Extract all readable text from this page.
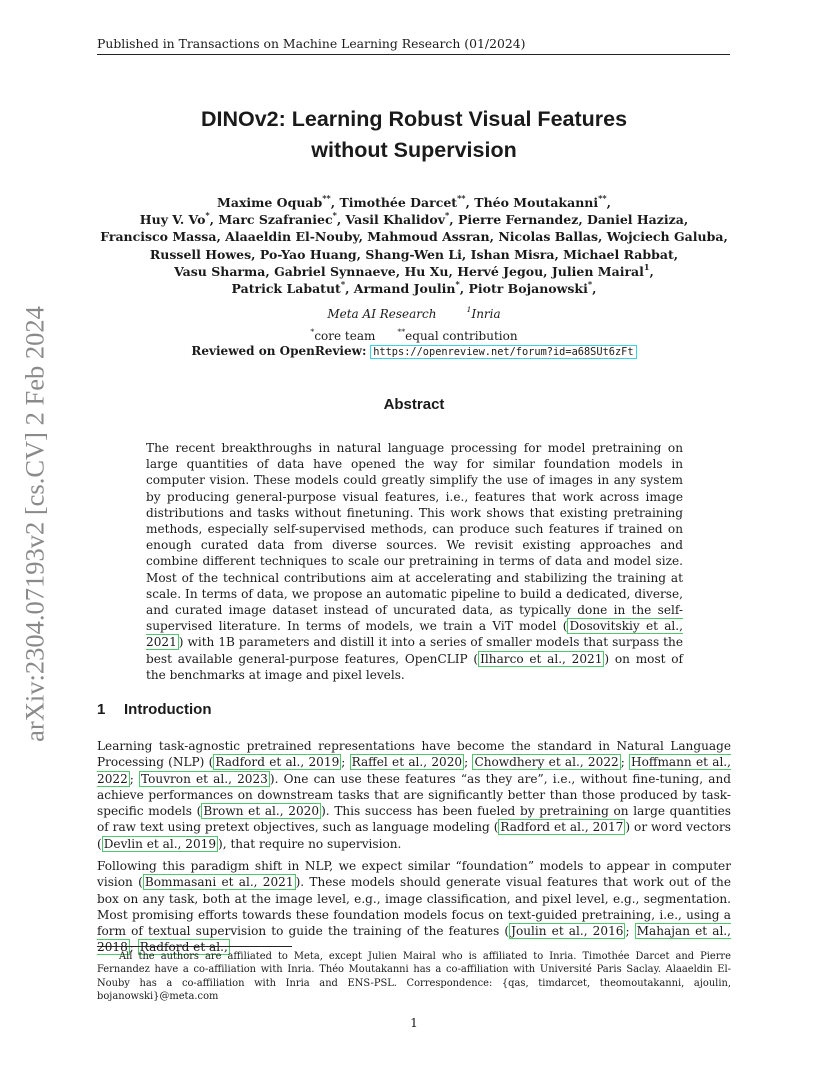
Published in Transactions on Machine Learning Research (01/2024)
arXiv:2304.07193v2 [cs.CV] 2 Feb 2024
DINOv2: Learning Robust Visual Features
without Supervision
Maxime Oquab**, Timothée Darcet**, Théo Moutakanni**,
Huy V. Vo*, Marc Szafraniec*, Vasil Khalidov*, Pierre Fernandez, Daniel Haziza,
Francisco Massa, Alaaeldin El-Nouby, Mahmoud Assran, Nicolas Ballas, Wojciech Galuba,
Russell Howes, Po-Yao Huang, Shang-Wen Li, Ishan Misra, Michael Rabbat,
Vasu Sharma, Gabriel Synnaeve, Hu Xu, Hervé Jegou, Julien Mairal$^1$,
Patrick Labatut*, Armand Joulin*, Piotr Bojanowski*,
Meta AI Research	$^1$Inria
*core team	**equal contribution
Reviewed on OpenReview: https://openreview.net/forum?id=a68SUt6zFt
Abstract
The recent breakthroughs in natural language processing for model pretraining on large quantities of data have opened the way for similar foundation models in computer vision. These models could greatly simplify the use of images in any system by producing general-purpose visual features, i.e., features that work across image distributions and tasks without finetuning. This work shows that existing pretraining methods, especially self-supervised methods, can produce such features if trained on enough curated data from diverse sources. We revisit existing approaches and combine different techniques to scale our pretraining in terms of data and model size. Most of the technical contributions aim at accelerating and stabilizing the training at scale. In terms of data, we propose an automatic pipeline to build a dedicated, diverse, and curated image dataset instead of uncurated data, as typically done in the self-supervised literature. In terms of models, we train a ViT model ( Dosovitskiy et al., 2021 ) with 1B parameters and distill it into a series of smaller models that surpass the best available general-purpose features, OpenCLIP ( Ilharco et al., 2021 ) on most of the benchmarks at image and pixel levels.
1 Introduction
Learning task-agnostic pretrained representations have become the standard in Natural Language Processing (NLP) ( Radford et al., 2019 ; Raffel et al., 2020 ; Chowdhery et al., 2022 ; Hoffmann et al., 2022 ; Touvron et al., 2023 ). One can use these features “as they are”, i.e., without fine-tuning, and achieve performances on downstream tasks that are significantly better than those produced by task-specific models ( Brown et al., 2020 ). This success has been fueled by pretraining on large quantities of raw text using pretext objectives, such as language modeling ( Radford et al., 2017 ) or word vectors ( Devlin et al., 2019 ), that require no supervision.
Following this paradigm shift in NLP, we expect similar “foundation” models to appear in computer vision ( Bommasani et al., 2021 ). These models should generate visual features that work out of the box on any task, both at the image level, e.g., image classification, and pixel level, e.g., segmentation. Most promising efforts towards these foundation models focus on text-guided pretraining, i.e., using a form of textual supervision to guide the training of the features ( Joulin et al., 2016 ; Mahajan et al., 2018 ; Radford et al.,
All the authors are affiliated to Meta, except Julien Mairal who is affiliated to Inria. Timothée Darcet and Pierre Fernandez have a co-affiliation with Inria. Théo Moutakanni has a co-affiliation with Université Paris Saclay. Alaaeldin El-Nouby has a co-affiliation with Inria and ENS-PSL. Correspondence: {qas, timdarcet, theomoutakanni, ajoulin, bojanowski}@meta.com
1
